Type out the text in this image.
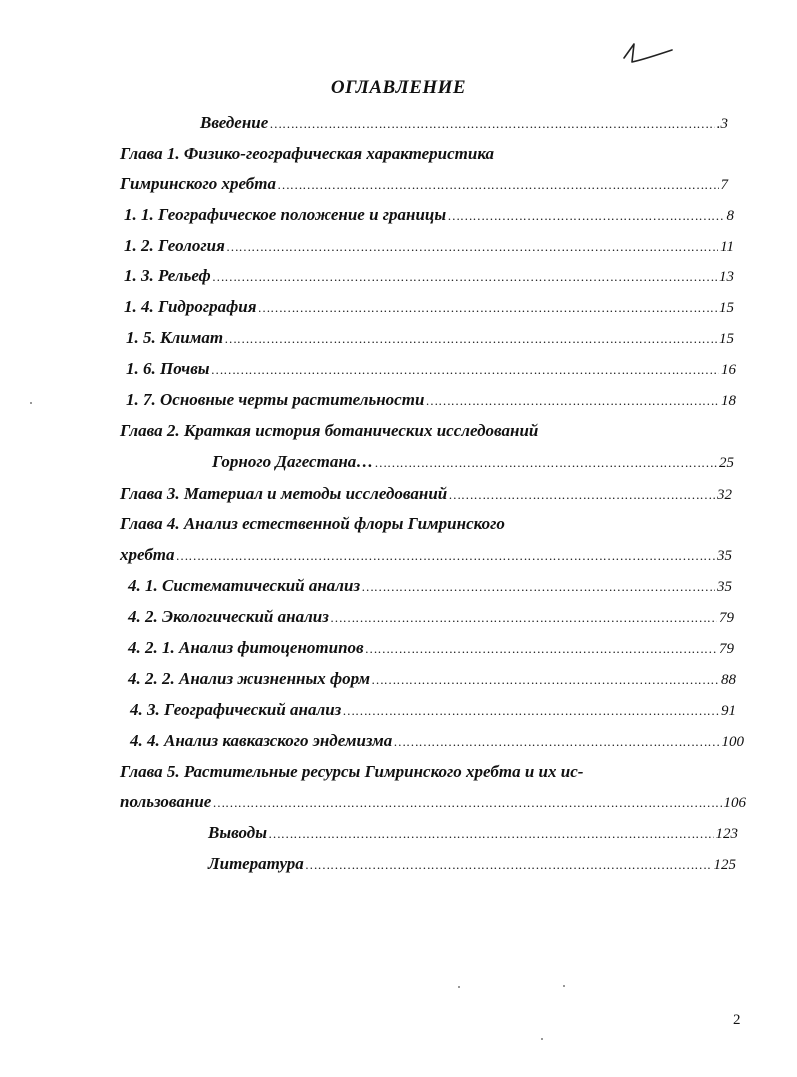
ОГЛАВЛЕНИЕ
Введение ………………………………………………………………………………………………………………………………………	.3
Глава 1. Физико-географическая характеристика
Гимринского хребта ………………………………………………………………………………………………………………………………………	7
1. 1. Географическое положение и границы ………………………………………………………………………………………………………………………………………	8
1. 2. Геология ………………………………………………………………………………………………………………………………………	11
1. 3. Рельеф ………………………………………………………………………………………………………………………………………	13
1. 4. Гидрография ………………………………………………………………………………………………………………………………………	15
1. 5. Климат ………………………………………………………………………………………………………………………………………	15
1. 6. Почвы ………………………………………………………………………………………………………………………………………	16
1. 7. Основные черты растительности ………………………………………………………………………………………………………………………………………	18
Глава 2. Краткая история ботанических исследований
Горного Дагестана… ………………………………………………………………………………………………………………………………………	25
Глава 3. Материал и методы исследований ………………………………………………………………………………………………………………………………………	32
Глава 4. Анализ естественной флоры Гимринского
хребта ………………………………………………………………………………………………………………………………………	35
4. 1. Систематический анализ ………………………………………………………………………………………………………………………………………	35
4. 2. Экологический анализ ………………………………………………………………………………………………………………………………………	79
4. 2. 1. Анализ фитоценотипов ………………………………………………………………………………………………………………………………………	79
4. 2. 2. Анализ жизненных форм ………………………………………………………………………………………………………………………………………	88
4. 3. Географический анализ ………………………………………………………………………………………………………………………………………	91
4. 4. Анализ кавказского эндемизма ………………………………………………………………………………………………………………………………………	100
Глава 5. Растительные ресурсы Гимринского хребта и их ис-
пользование ………………………………………………………………………………………………………………………………………	106
Выводы ………………………………………………………………………………………………………………………………………	123
Литература ………………………………………………………………………………………………………………………………………	125
2
